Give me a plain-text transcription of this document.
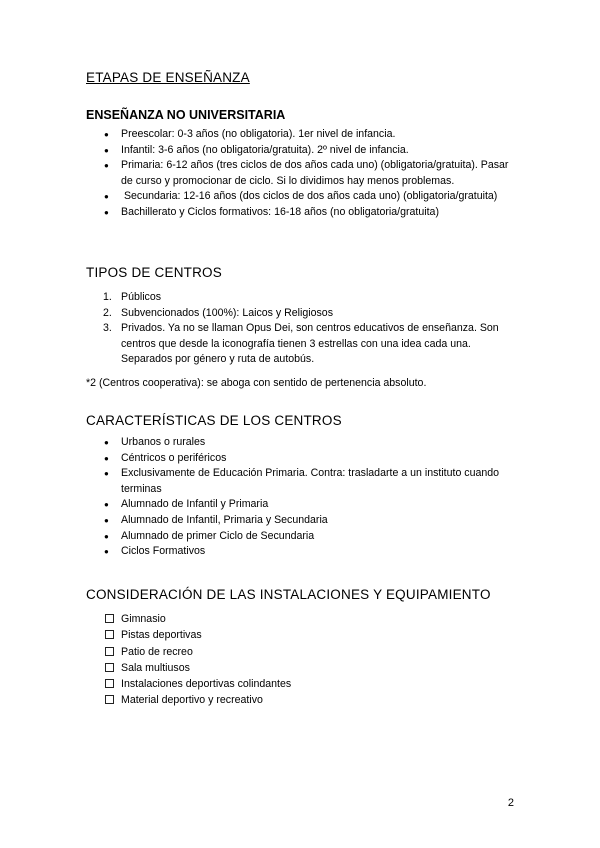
ETAPAS DE ENSEÑANZA
ENSEÑANZA NO UNIVERSITARIA
● Preescolar: 0-3 años (no obligatoria). 1er nivel de infancia.
● Infantil: 3-6 años (no obligatoria/gratuita). 2º nivel de infancia.
● Primaria: 6-12 años (tres ciclos de dos años cada uno) (obligatoria/gratuita). Pasar de curso y promocionar de ciclo. Si lo dividimos hay menos problemas.
●  Secundaria: 12-16 años (dos ciclos de dos años cada uno) (obligatoria/gratuita)
● Bachillerato y Ciclos formativos: 16-18 años (no obligatoria/gratuita)
TIPOS DE CENTROS
1. Públicos
2. Subvencionados (100%): Laicos y Religiosos
3. Privados. Ya no se llaman Opus Dei, son centros educativos de enseñanza. Son centros que desde la iconografía tienen 3 estrellas con una idea cada una. Separados por género y ruta de autobús.

*2 (Centros cooperativa): se aboga con sentido de pertenencia absoluto.

CARACTERÍSTICAS DE LOS CENTROS
● Urbanos o rurales
● Céntricos o periféricos
● Exclusivamente de Educación Primaria. Contra: trasladarte a un instituto cuando terminas
● Alumnado de Infantil y Primaria
● Alumnado de Infantil, Primaria y Secundaria
● Alumnado de primer Ciclo de Secundaria
● Ciclos Formativos
CONSIDERACIÓN DE LAS INSTALACIONES Y EQUIPAMIENTO
Gimnasio
Pistas deportivas
Patio de recreo
Sala multiusos
Instalaciones deportivas colindantes
Material deportivo y recreativo
2
